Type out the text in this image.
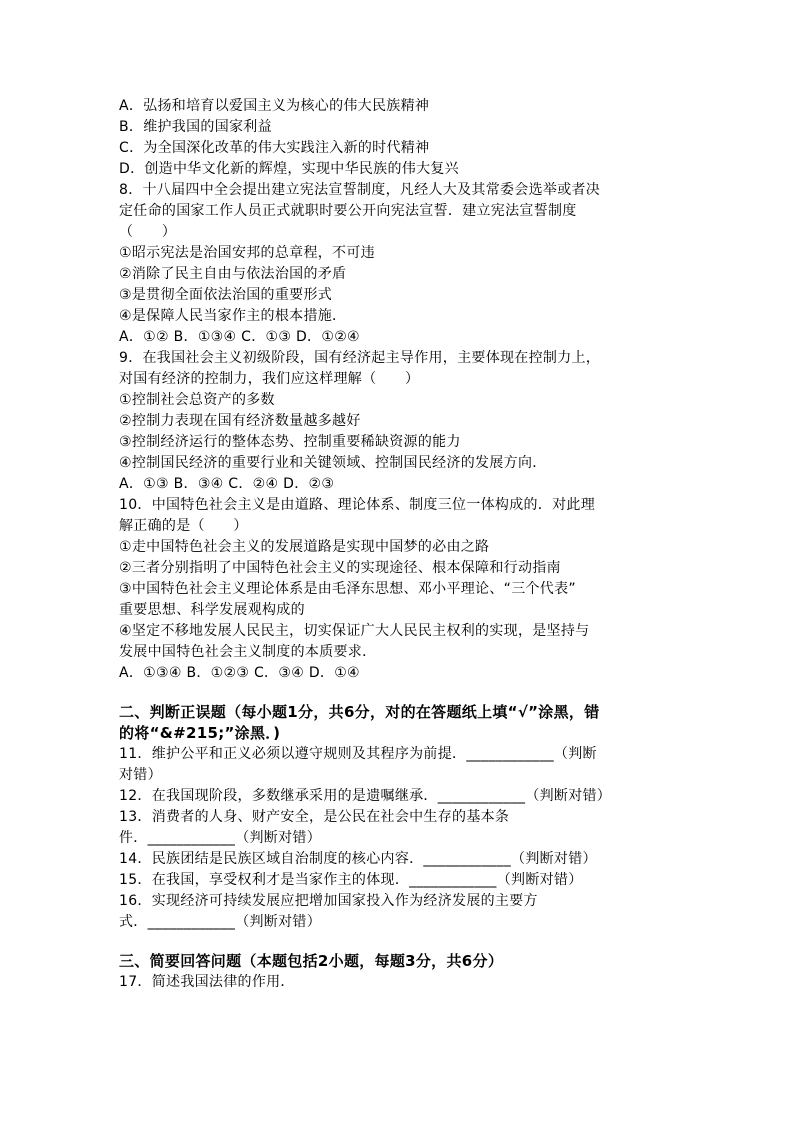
A．弘扬和培育以爱国主义为核心的伟大民族精神
B．维护我国的国家利益
C．为全国深化改革的伟大实践注入新的时代精神
D．创造中华文化新的辉煌，实现中华民族的伟大复兴
8．十八届四中全会提出建立宪法宣誓制度，凡经人大及其常委会选举或者决
定任命的国家工作人员正式就职时要公开向宪法宣誓．建立宪法宣誓制度
（　　）
①昭示宪法是治国安邦的总章程，不可违
②消除了民主自由与依法治国的矛盾
③是贯彻全面依法治国的重要形式
④是保障人民当家作主的根本措施．
A．①② B．①③④ C．①③ D．①②④
9．在我国社会主义初级阶段，国有经济起主导作用，主要体现在控制力上，
对国有经济的控制力，我们应这样理解（　　）
①控制社会总资产的多数
②控制力表现在国有经济数量越多越好
③控制经济运行的整体态势、控制重要稀缺资源的能力
④控制国民经济的重要行业和关键领域、控制国民经济的发展方向．
A．①③ B．③④ C．②④ D．②③
10．中国特色社会主义是由道路、理论体系、制度三位一体构成的．对此理
解正确的是（　　）
①走中国特色社会主义的发展道路是实现中国梦的必由之路
②三者分别指明了中国特色社会主义的实现途径、根本保障和行动指南
③中国特色社会主义理论体系是由毛泽东思想、邓小平理论、“三个代表”
重要思想、科学发展观构成的
④坚定不移地发展人民民主，切实保证广大人民民主权利的实现，是坚持与
发展中国特色社会主义制度的本质要求．
A．①③④ B．①②③ C．③④ D．①④
二、判断正误题（每小题1分，共6分，对的在答题纸上填“√”涂黑，错
的将“&#215;”涂黑．)
11．维护公平和正义必须以遵守规则及其程序为前提．____________（判断
对错）
12．在我国现阶段，多数继承采用的是遗嘱继承．____________（判断对错）
13．消费者的人身、财产安全，是公民在社会中生存的基本条
件．____________（判断对错）
14．民族团结是民族区域自治制度的核心内容．____________（判断对错）
15．在我国，享受权利才是当家作主的体现．____________（判断对错）
16．实现经济可持续发展应把增加国家投入作为经济发展的主要方
式．____________（判断对错）
三、简要回答问题（本题包括2小题，每题3分，共6分）
17．简述我国法律的作用．
